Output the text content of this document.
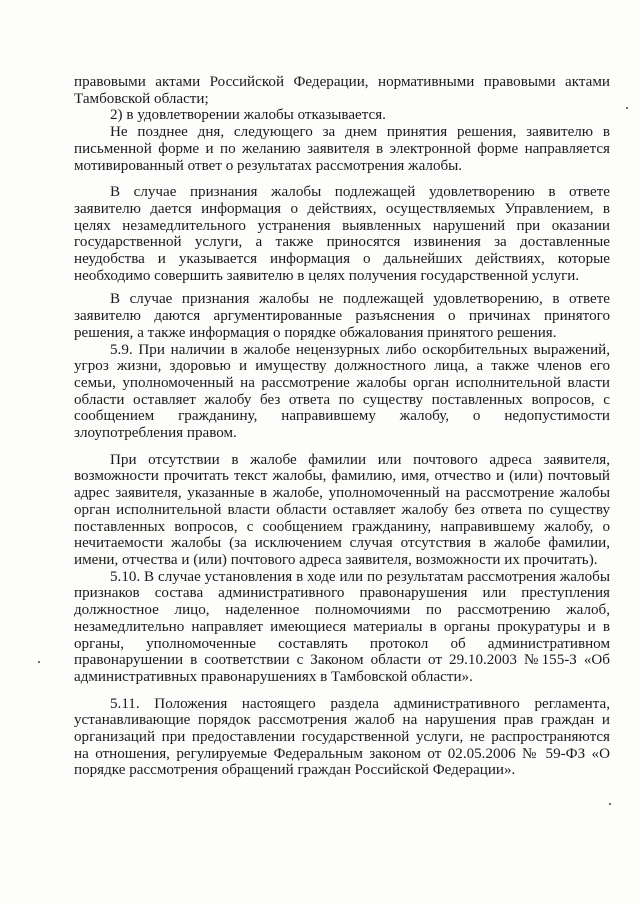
правовыми актами Российской Федерации, нормативными правовыми актами Тамбовской области;

2) в удовлетворении жалобы отказывается.

Не позднее дня, следующего за днем принятия решения, заявителю в письменной форме и по желанию заявителя в электронной форме направляется мотивированный ответ о результатах рассмотрения жалобы.

В случае признания жалобы подлежащей удовлетворению в ответе заявителю дается информация о действиях, осуществляемых Управлением, в целях незамедлительного устранения выявленных нарушений при оказании государственной услуги, а также приносятся извинения за доставленные неудобства и указывается информация о дальнейших действиях, которые необходимо совершить заявителю в целях получения государственной услуги.

В случае признания жалобы не подлежащей удовлетворению, в ответе заявителю даются аргументированные разъяснения о причинах принятого решения, а также информация о порядке обжалования принятого решения.

5.9. При наличии в жалобе нецензурных либо оскорбительных выражений, угроз жизни, здоровью и имуществу должностного лица, а также членов его семьи, уполномоченный на рассмотрение жалобы орган исполнительной власти области оставляет жалобу без ответа по существу поставленных вопросов, с сообщением гражданину, направившему жалобу, о недопустимости злоупотребления правом.

При отсутствии в жалобе фамилии или почтового адреса заявителя, возможности прочитать текст жалобы, фамилию, имя, отчество и (или) почтовый адрес заявителя, указанные в жалобе, уполномоченный на рассмотрение жалобы орган исполнительной власти области оставляет жалобу без ответа по существу поставленных вопросов, с сообщением гражданину, направившему жалобу, о нечитаемости жалобы (за исключением случая отсутствия в жалобе фамилии, имени, отчества и (или) почтового адреса заявителя, возможности их прочитать).

5.10. В случае установления в ходе или по результатам рассмотрения жалобы признаков состава административного правонарушения или преступления должностное лицо, наделенное полномочиями по рассмотрению жалоб, незамедлительно направляет имеющиеся материалы в органы прокуратуры и в органы, уполномоченные составлять протокол об административном правонарушении в соответствии с Законом области от 29.10.2003 №155-З «Об административных правонарушениях в Тамбовской области».

5.11. Положения настоящего раздела административного регламента, устанавливающие порядок рассмотрения жалоб на нарушения прав граждан и организаций при предоставлении государственной услуги, не распространяются на отношения, регулируемые Федеральным законом от 02.05.2006 № 59-ФЗ «О порядке рассмотрения обращений граждан Российской Федерации».
